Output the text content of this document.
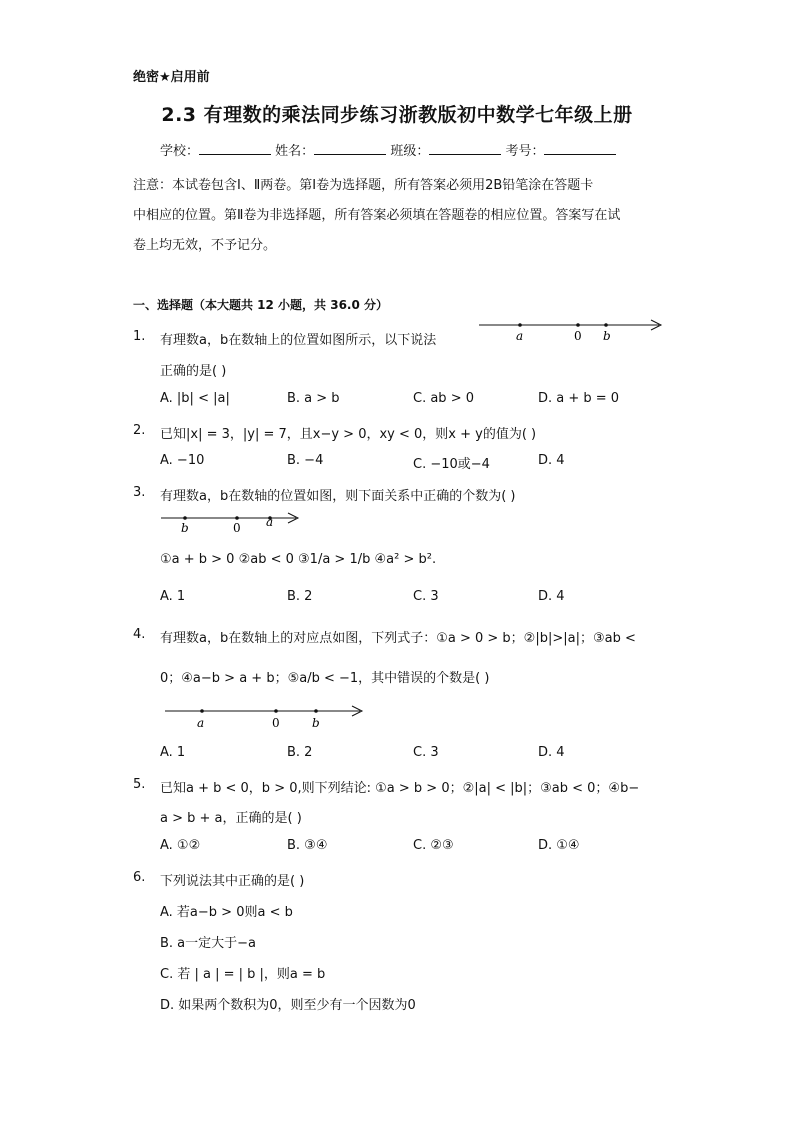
绝密★启用前
2.3 有理数的乘法同步练习浙教版初中数学七年级上册
学校：	姓名：	班级：	考号：
注意：本试卷包含Ⅰ、Ⅱ两卷。第Ⅰ卷为选择题，所有答案必须用2B铅笔涂在答题卡
中相应的位置。第Ⅱ卷为非选择题，所有答案必须填在答题卷的相应位置。答案写在试
卷上均无效，不予记分。
一、选择题（本大题共 12 小题，共 36.0 分）
1. 有理数a，b在数轴上的位置如图所示，以下说法
正确的是( )
a	0 b
A. |b| < |a|	B. a > b	C. ab > 0	D. a + b = 0
2. 已知|x| = 3，|y| = 7，且x−y > 0，xy < 0，则x + y的值为( )
A. −10	B. −4	C. −10或−4	D. 4
3. 有理数a，b在数轴的位置如图，则下面关系中正确的个数为( )
b	0 a
①a + b > 0 ②ab < 0 ③1/a > 1/b ④a² > b².
A. 1	B. 2	C. 3	D. 4
4. 有理数a，b在数轴上的对应点如图，下列式子：①a > 0 > b；②|b|>|a|；③ab <
0；④a−b > a + b；⑤a/b < −1，其中错误的个数是( )
a	0	b
A. 1	B. 2	C. 3	D. 4
5. 已知a + b < 0，b > 0,则下列结论: ①a > b > 0；②|a| < |b|；③ab < 0；④b−
a > b + a，正确的是( )
A. ①②	B. ③④	C. ②③	D. ①④
6. 下列说法其中正确的是( )
A. 若a−b > 0则a < b
B. a一定大于−a
C. 若 | a | = | b |，则a = b
D. 如果两个数积为0，则至少有一个因数为0
